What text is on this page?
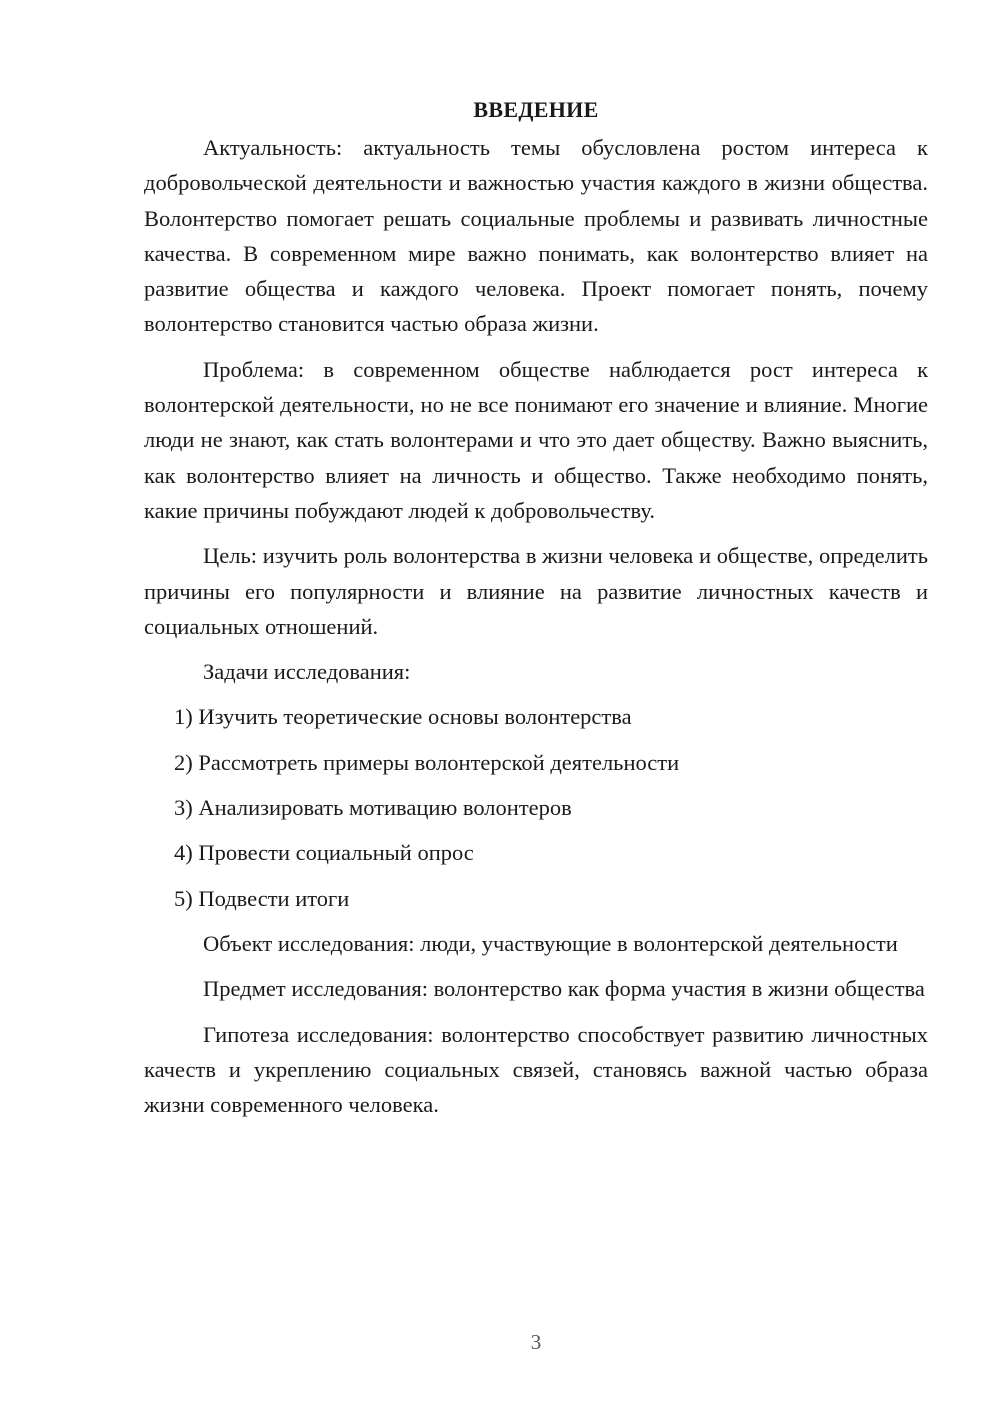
ВВЕДЕНИЕ

Актуальность: актуальность темы обусловлена ростом интереса к добровольческой деятельности и важностью участия каждого в жизни общества. Волонтерство помогает решать социальные проблемы и развивать личностные качества. В современном мире важно понимать, как волонтерство влияет на развитие общества и каждого человека. Проект помогает понять, почему волонтерство становится частью образа жизни.

Проблема: в современном обществе наблюдается рост интереса к волонтерской деятельности, но не все понимают его значение и влияние. Многие люди не знают, как стать волонтерами и что это дает обществу. Важно выяснить, как волонтерство влияет на личность и общество. Также необходимо понять, какие причины побуждают людей к добровольчеству.

Цель: изучить роль волонтерства в жизни человека и обществе, определить причины его популярности и влияние на развитие личностных качеств и социальных отношений.

Задачи исследования:

1) Изучить теоретические основы волонтерства
2) Рассмотреть примеры волонтерской деятельности
3) Анализировать мотивацию волонтеров
4) Провести социальный опрос
5) Подвести итоги

Объект исследования: люди, участвующие в волонтерской деятельности

Предмет исследования: волонтерство как форма участия в жизни общества

Гипотеза исследования: волонтерство способствует развитию личностных качеств и укреплению социальных связей, становясь важной частью образа жизни современного человека.

3
